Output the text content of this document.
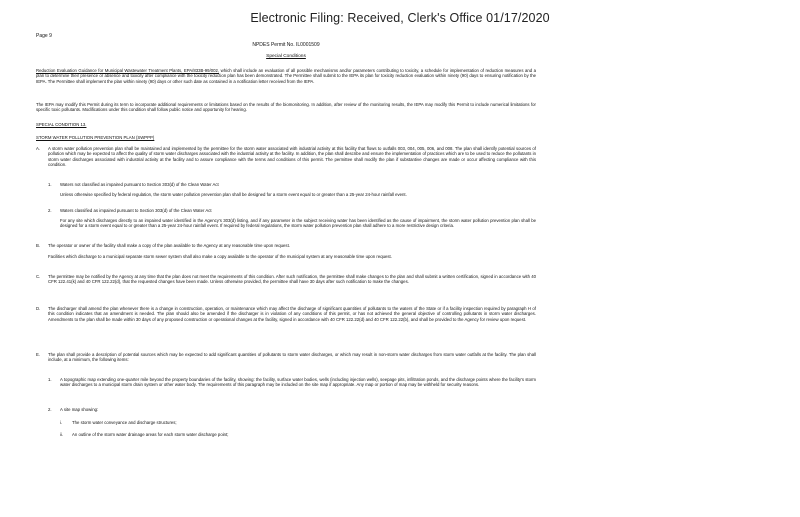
Electronic Filing: Received, Clerk's Office 01/17/2020
Page 9
NPDES Permit No. IL0001509
Special Conditions
Reduction Evaluation Guidance for Municipal Wastewater Treatment Plants, EPA/833B-99/002, which shall include an evaluation of all possible mechanisms and/or parameters contributing to toxicity, a schedule for implementation of reduction measures and a plan to determine their presence or absence and toxicity after compliance with the toxicity reduction plan has been demonstrated. The Permittee shall submit to the IEPA its plan for toxicity reduction evaluation within ninety (90) days to ensuring notification by the IEPA. The Permittee shall implement the plan within ninety (90) days or other such date as contained in a notification letter received from the IEPA.
The IEPA may modify this Permit during its term to incorporate additional requirements or limitations based on the results of the biomonitoring. In addition, after review of the monitoring results, the IEPA may modify this Permit to include numerical limitations for specific toxic pollutants. Modifications under this condition shall follow public notice and opportunity for hearing.
SPECIAL CONDITION 13.
STORM WATER POLLUTION PREVENTION PLAN (SWPPP)
A. A storm water pollution prevention plan shall be maintained and implemented by the permittee for the storm water associated with industrial activity at this facility that flows to outfalls 003, 004, 005, 006, and 008. The plan shall identify potential sources of pollution which may be expected to affect the quality of storm water discharges associated with the industrial activity at the facility. In addition, the plan shall describe and ensure the implementation of practices which are to be used to reduce the pollutants in storm water discharges associated with industrial activity at the facility and to assure compliance with the terms and conditions of this permit. The permittee shall modify the plan if substantive changes are made or occur affecting compliance with this condition.
1. Waters not classified as impaired pursuant to Section 303(d) of the Clean Water Act
Unless otherwise specified by federal regulation, the storm water pollution prevention plan shall be designed for a storm event equal to or greater than a 25-year 24-hour rainfall event.
2. Waters classified as impaired pursuant to Section 303(d) of the Clean Water Act
For any site which discharges directly to an impaired water identified in the Agency's 303(d) listing, and if any parameter in the subject receiving water has been identified as the cause of impairment, the storm water pollution prevention plan shall be designed for a storm event equal to or greater than a 25-year 24-hour rainfall event. If required by federal regulations, the storm water pollution prevention plan shall adhere to a more restrictive design criteria.
B. The operator or owner of the facility shall make a copy of the plan available to the Agency at any reasonable time upon request.
Facilities which discharge to a municipal separate storm sewer system shall also make a copy available to the operator of the municipal system at any reasonable time upon request.
C. The permittee may be notified by the Agency at any time that the plan does not meet the requirements of this condition. After such notification, the permittee shall make changes to the plan and shall submit a written certification, signed in accordance with 40 CFR 122.41(k) and 40 CFR 122.22(d), that the requested changes have been made. Unless otherwise provided, the permittee shall have 30 days after such notification to make the changes.
D. The discharger shall amend the plan whenever there is a change in construction, operation, or maintenance which may affect the discharge of significant quantities of pollutants to the waters of the State or if a facility inspection required by paragraph H of this condition indicates that an amendment is needed. The plan should also be amended if the discharger is in violation of any conditions of this permit, or has not achieved the general objective of controlling pollutants in storm water discharges. Amendments to the plan shall be made within 30 days of any proposed construction or operational changes at the facility, signed in accordance with 40 CFR 122.22(d) and 40 CFR 122.22(b), and shall be provided to the Agency for review upon request.
E. The plan shall provide a description of potential sources which may be expected to add significant quantities of pollutants to storm water discharges, or which may result in non-storm water discharges from storm water outfalls at the facility. The plan shall include, at a minimum, the following items:
1. A topographic map extending one-quarter mile beyond the property boundaries of the facility, showing: the facility, surface water bodies, wells (including injection wells), seepage pits, infiltration ponds, and the discharge points where the facility's storm water discharges to a municipal storm drain system or other water body. The requirements of this paragraph may be included on the site map if appropriate. Any map or portion of map may be withheld for security reasons.
2. A site map showing:
i. The storm water conveyance and discharge structures;
ii. An outline of the storm water drainage areas for each storm water discharge point;
